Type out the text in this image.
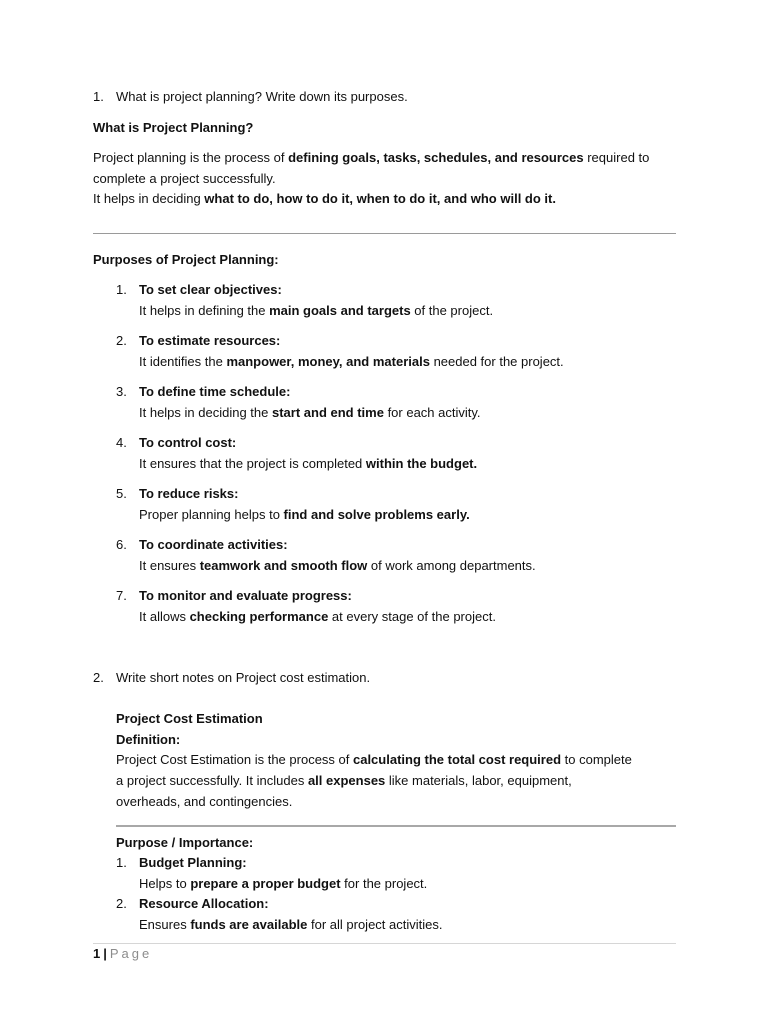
1. What is project planning? Write down its purposes.
What is Project Planning?
Project planning is the process of defining goals, tasks, schedules, and resources required to
complete a project successfully.
It helps in deciding what to do, how to do it, when to do it, and who will do it.
Purposes of Project Planning:
1. To set clear objectives:
It helps in defining the main goals and targets of the project.
2. To estimate resources:
It identifies the manpower, money, and materials needed for the project.
3. To define time schedule:
It helps in deciding the start and end time for each activity.
4. To control cost:
It ensures that the project is completed within the budget.
5. To reduce risks:
Proper planning helps to find and solve problems early.
6. To coordinate activities:
It ensures teamwork and smooth flow of work among departments.
7. To monitor and evaluate progress:
It allows checking performance at every stage of the project.
2. Write short notes on Project cost estimation.
Project Cost Estimation
Definition:
Project Cost Estimation is the process of calculating the total cost required to complete
a project successfully. It includes all expenses like materials, labor, equipment,
overheads, and contingencies.
Purpose / Importance:
1. Budget Planning:
Helps to prepare a proper budget for the project.
2. Resource Allocation:
Ensures funds are available for all project activities.
1 | Page
